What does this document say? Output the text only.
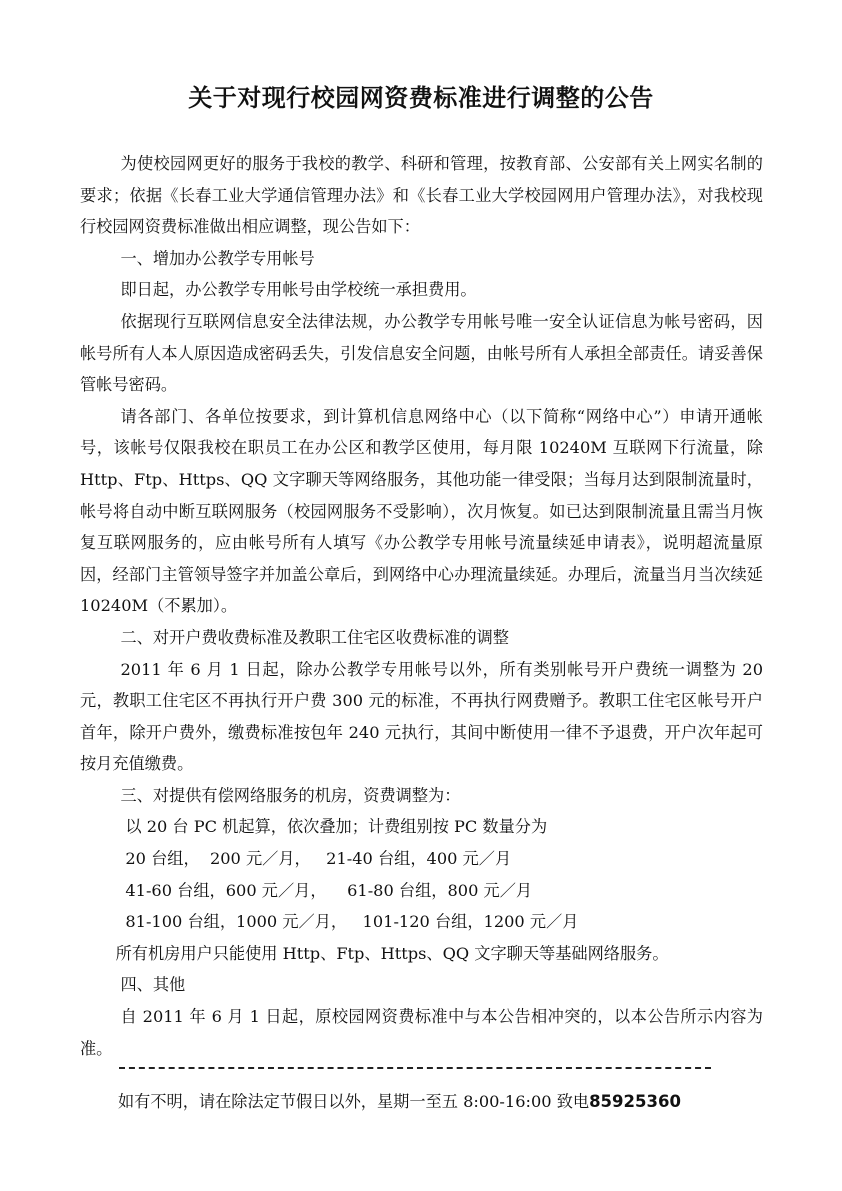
关于对现行校园网资费标准进行调整的公告

为使校园网更好的服务于我校的教学、科研和管理，按教育部、公安部有关上网实名制的要求；依据《长春工业大学通信管理办法》和《长春工业大学校园网用户管理办法》，对我校现行校园网资费标准做出相应调整，现公告如下：

一、增加办公教学专用帐号

即日起，办公教学专用帐号由学校统一承担费用。

依据现行互联网信息安全法律法规，办公教学专用帐号唯一安全认证信息为帐号密码，因帐号所有人本人原因造成密码丢失，引发信息安全问题，由帐号所有人承担全部责任。请妥善保管帐号密码。

请各部门、各单位按要求，到计算机信息网络中心（以下简称“网络中心”）申请开通帐号，该帐号仅限我校在职员工在办公区和教学区使用，每月限 10240M 互联网下行流量，除 Http、Ftp、Https、QQ 文字聊天等网络服务，其他功能一律受限；当每月达到限制流量时，帐号将自动中断互联网服务（校园网服务不受影响），次月恢复。如已达到限制流量且需当月恢复互联网服务的，应由帐号所有人填写《办公教学专用帐号流量续延申请表》，说明超流量原因，经部门主管领导签字并加盖公章后，到网络中心办理流量续延。办理后，流量当月当次续延 10240M（不累加）。

二、对开户费收费标准及教职工住宅区收费标准的调整

2011 年 6 月 1 日起，除办公教学专用帐号以外，所有类别帐号开户费统一调整为 20 元，教职工住宅区不再执行开户费 300 元的标准，不再执行网费赠予。教职工住宅区帐号开户首年，除开户费外，缴费标准按包年 240 元执行，其间中断使用一律不予退费，开户次年起可按月充值缴费。

三、对提供有偿网络服务的机房，资费调整为：

以 20 台 PC 机起算，依次叠加；计费组别按 PC 数量分为

20 台组，  200 元／月，   21-40 台组，400 元／月

41-60 台组，600 元／月，    61-80 台组，800 元／月

81-100 台组，1000 元／月，   101-120 台组，1200 元／月

所有机房用户只能使用 Http、Ftp、Https、QQ 文字聊天等基础网络服务。

四、其他

自 2011 年 6 月 1 日起，原校园网资费标准中与本公告相冲突的，以本公告所示内容为准。

如有不明，请在除法定节假日以外，星期一至五 8:00-16:00 致电85925360
